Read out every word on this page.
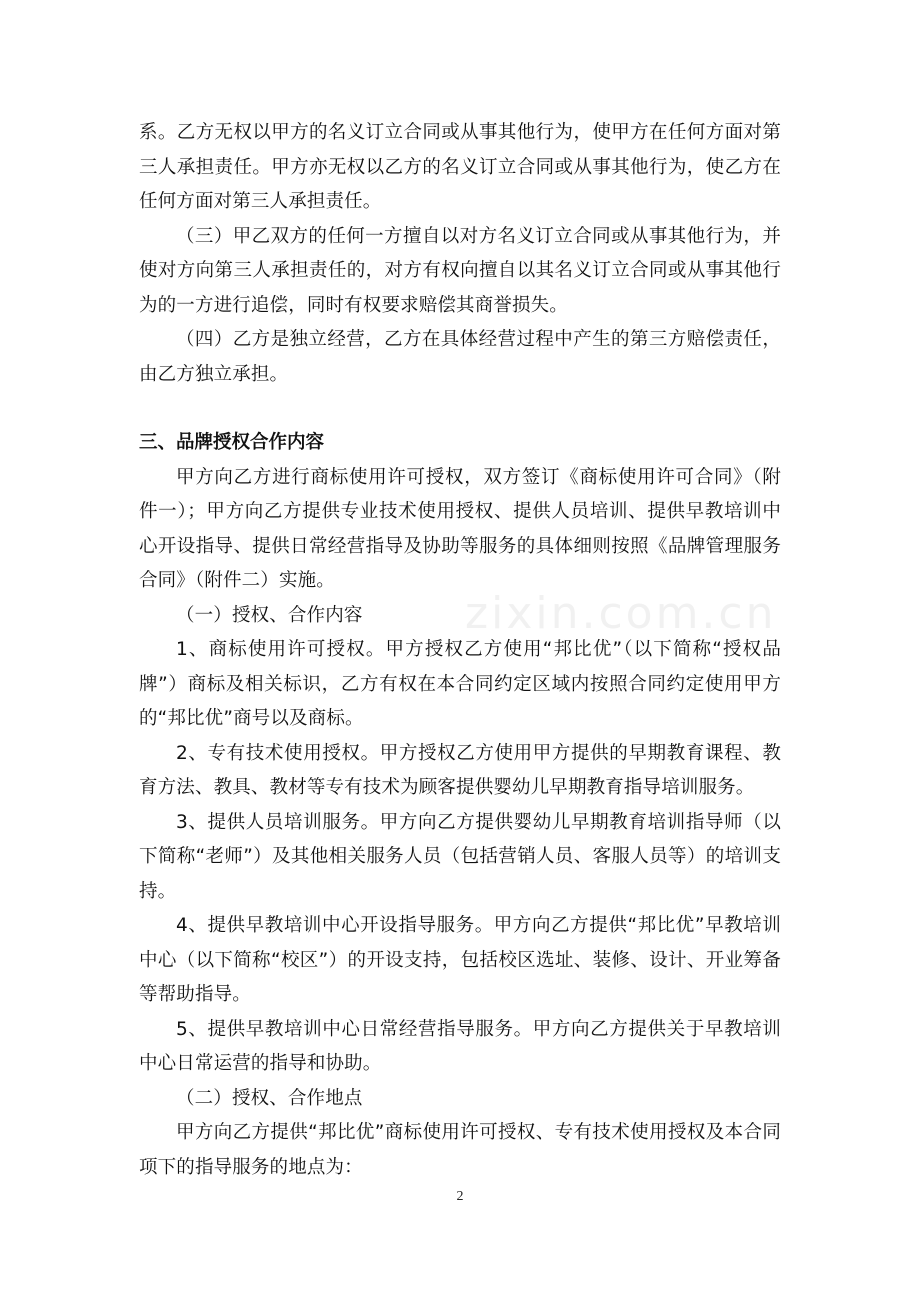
zixin.com.cn

系。乙方无权以甲方的名义订立合同或从事其他行为，使甲方在任何方面对第三人承担责任。甲方亦无权以乙方的名义订立合同或从事其他行为，使乙方在任何方面对第三人承担责任。

（三）甲乙双方的任何一方擅自以对方名义订立合同或从事其他行为，并使对方向第三人承担责任的，对方有权向擅自以其名义订立合同或从事其他行为的一方进行追偿，同时有权要求赔偿其商誉损失。

（四）乙方是独立经营，乙方在具体经营过程中产生的第三方赔偿责任，由乙方独立承担。

三、品牌授权合作内容

甲方向乙方进行商标使用许可授权，双方签订《商标使用许可合同》（附件一）；甲方向乙方提供专业技术使用授权、提供人员培训、提供早教培训中心开设指导、提供日常经营指导及协助等服务的具体细则按照《品牌管理服务合同》（附件二）实施。

（一）授权、合作内容

1、商标使用许可授权。甲方授权乙方使用“邦比优”（以下简称“授权品牌”）商标及相关标识，乙方有权在本合同约定区域内按照合同约定使用甲方的“邦比优”商号以及商标。

2、专有技术使用授权。甲方授权乙方使用甲方提供的早期教育课程、教育方法、教具、教材等专有技术为顾客提供婴幼儿早期教育指导培训服务。

3、提供人员培训服务。甲方向乙方提供婴幼儿早期教育培训指导师（以下简称“老师”）及其他相关服务人员（包括营销人员、客服人员等）的培训支持。

4、提供早教培训中心开设指导服务。甲方向乙方提供“邦比优”早教培训中心（以下简称“校区”）的开设支持，包括校区选址、装修、设计、开业筹备等帮助指导。

5、提供早教培训中心日常经营指导服务。甲方向乙方提供关于早教培训中心日常运营的指导和协助。

（二）授权、合作地点

甲方向乙方提供“邦比优”商标使用许可授权、专有技术使用授权及本合同项下的指导服务的地点为：

2
